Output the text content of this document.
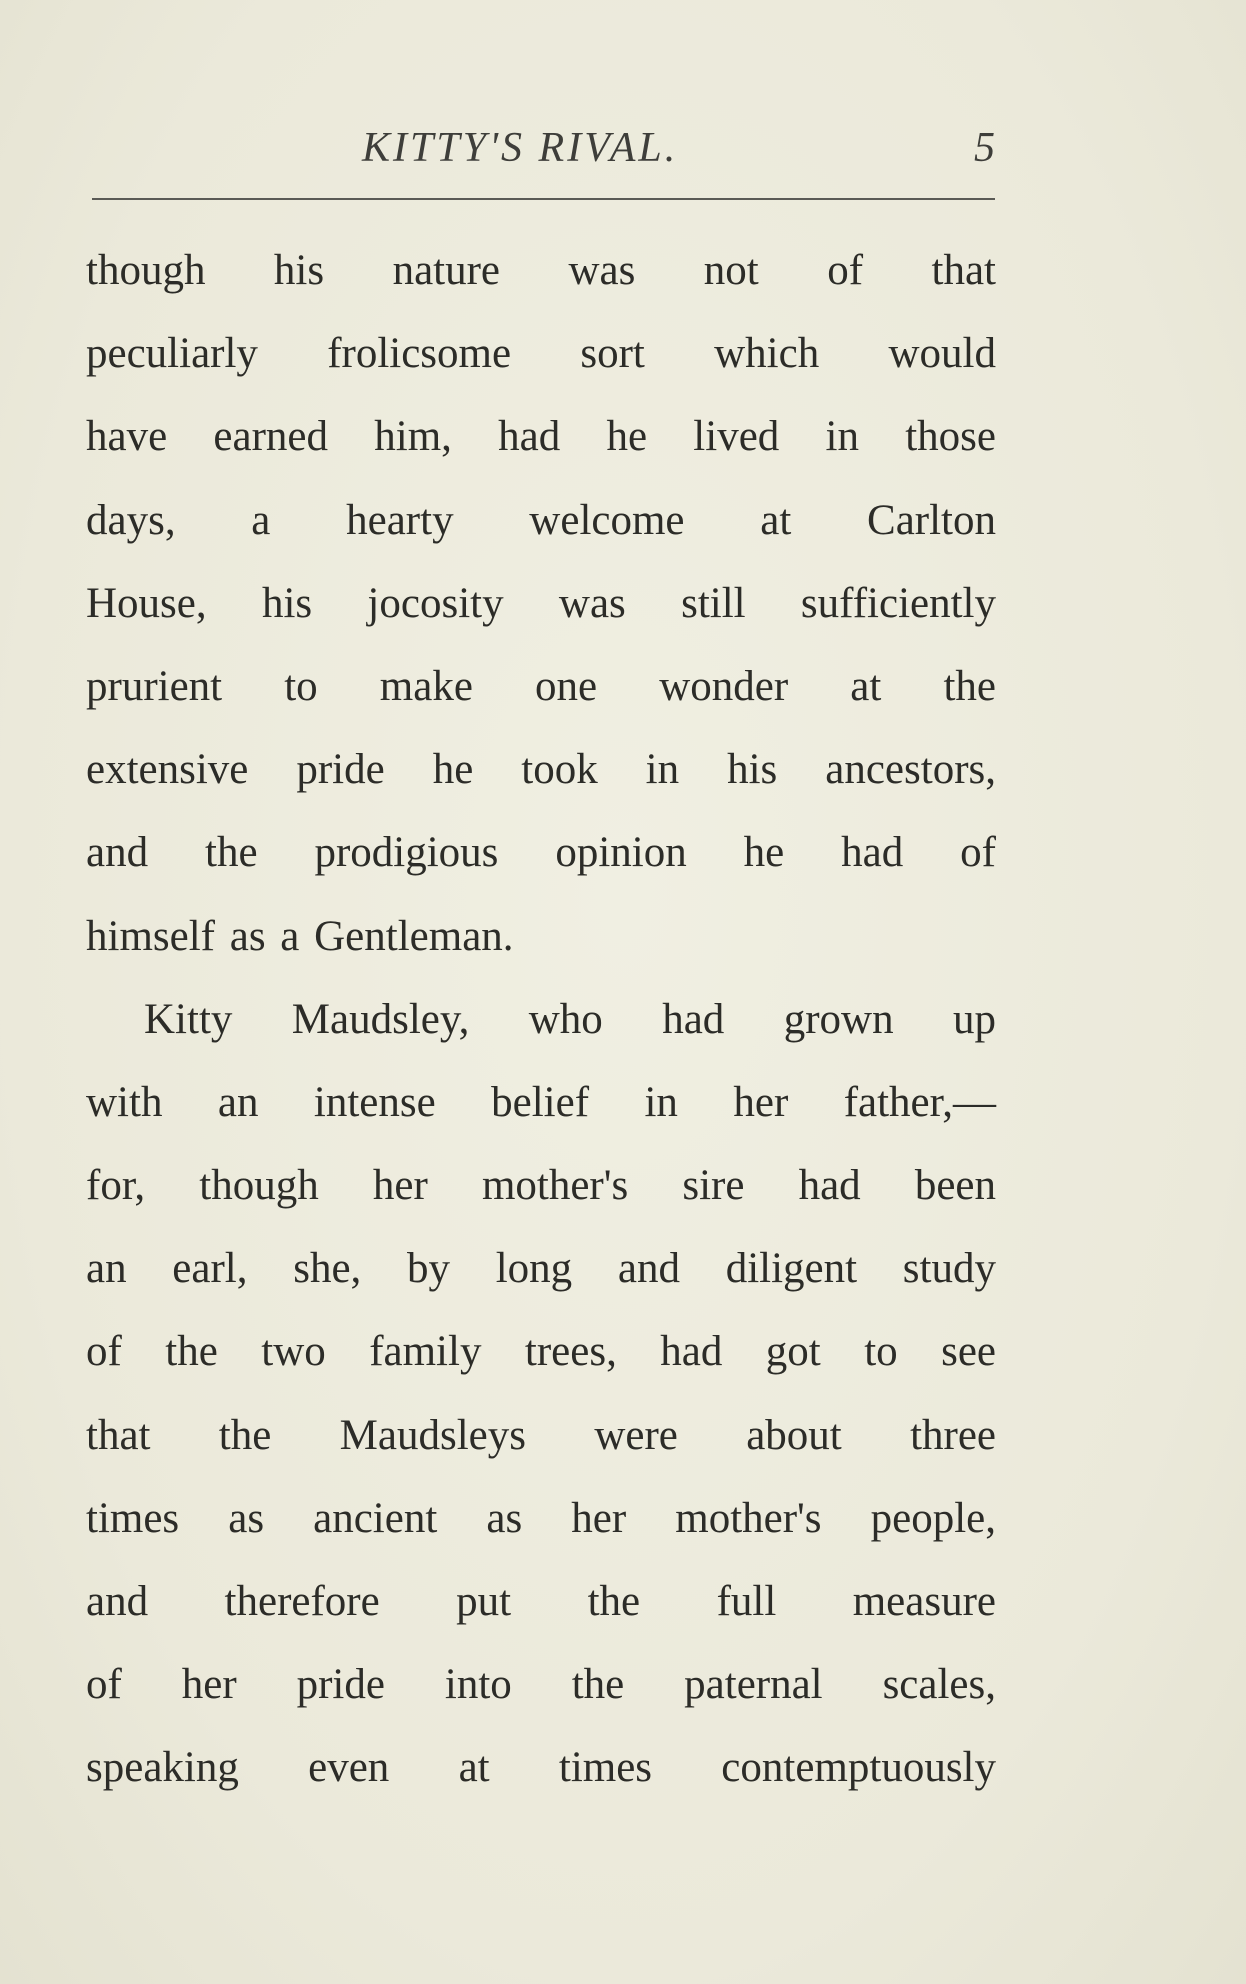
KITTY'S RIVAL.	5
though his nature was not of that
peculiarly frolicsome sort which would
have earned him, had he lived in those
days, a hearty welcome at Carlton
House, his jocosity was still sufficiently
prurient to make one wonder at the
extensive pride he took in his ancestors,
and the prodigious opinion he had of
himself as a Gentleman.
Kitty Maudsley, who had grown up
with an intense belief in her father,—
for, though her mother's sire had been
an earl, she, by long and diligent study
of the two family trees, had got to see
that the Maudsleys were about three
times as ancient as her mother's people,
and therefore put the full measure
of her pride into the paternal scales,
speaking even at times contemptuously
